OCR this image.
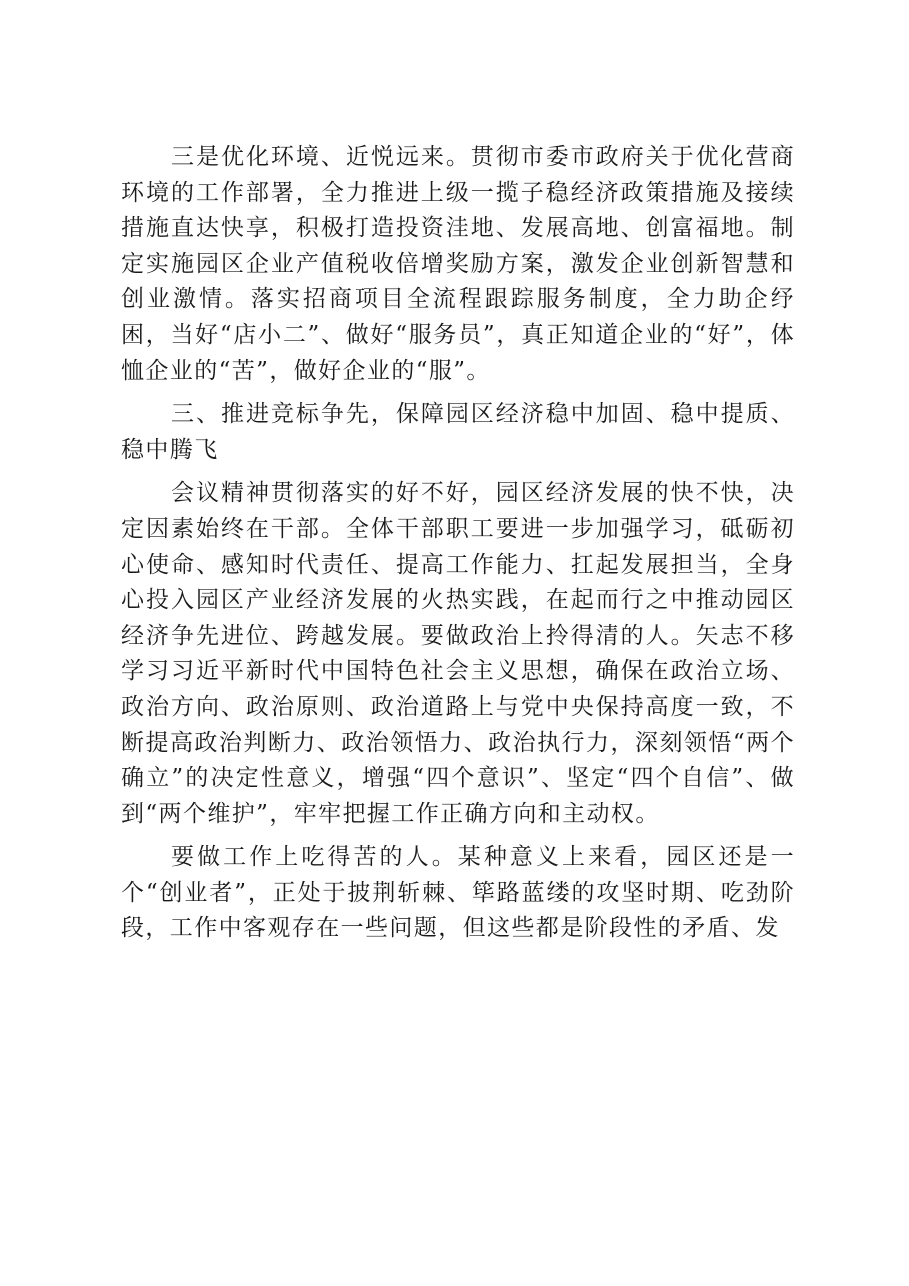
三是优化环境、近悦远来。贯彻市委市政府关于优化营商环境的工作部署，全力推进上级一揽子稳经济政策措施及接续措施直达快享，积极打造投资洼地、发展高地、创富福地。制定实施园区企业产值税收倍增奖励方案，激发企业创新智慧和创业激情。落实招商项目全流程跟踪服务制度，全力助企纾困，当好“店小二”、做好“服务员”，真正知道企业的“好”，体恤企业的“苦”，做好企业的“服”。

三、推进竞标争先，保障园区经济稳中加固、稳中提质、稳中腾飞

会议精神贯彻落实的好不好，园区经济发展的快不快，决定因素始终在干部。全体干部职工要进一步加强学习，砥砺初心使命、感知时代责任、提高工作能力、扛起发展担当，全身心投入园区产业经济发展的火热实践，在起而行之中推动园区经济争先进位、跨越发展。要做政治上拎得清的人。矢志不移学习习近平新时代中国特色社会主义思想，确保在政治立场、政治方向、政治原则、政治道路上与党中央保持高度一致，不断提高政治判断力、政治领悟力、政治执行力，深刻领悟“两个确立”的决定性意义，增强“四个意识”、坚定“四个自信”、做到“两个维护”，牢牢把握工作正确方向和主动权。

要做工作上吃得苦的人。某种意义上来看，园区还是一个“创业者”，正处于披荆斩棘、筚路蓝缕的攻坚时期、吃劲阶段，工作中客观存在一些问题，但这些都是阶段性的矛盾、发
